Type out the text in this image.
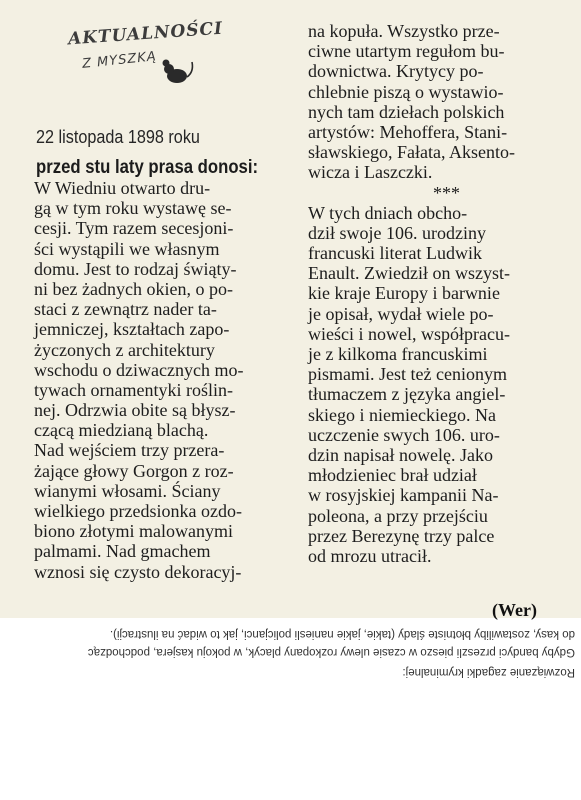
AKTUALNOŚCI
Z MYSZKĄ
22 listopada 1898 roku
przed stu laty prasa donosi:
W Wiedniu otwarto dru-
gą w tym roku wystawę se-
cesji. Tym razem secesjoni-
ści wystąpili we własnym
domu. Jest to rodzaj świąty-
ni bez żadnych okien, o po-
staci z zewnątrz nader ta-
jemniczej, kształtach zapo-
życzonych z architektury
wschodu o dziwacznych mo-
tywach ornamentyki roślin-
nej. Odrzwia obite są błysz-
czącą miedzianą blachą.
Nad wejściem trzy przera-
żające głowy Gorgon z roz-
wianymi włosami. Ściany
wielkiego przedsionka ozdo-
biono złotymi malowanymi
palmami. Nad gmachem
wznosi się czysto dekoracyj-
na kopuła. Wszystko prze-
ciwne utartym regułom bu-
downictwa. Krytycy po-
chlebnie piszą o wystawio-
nych tam dziełach polskich
artystów: Mehoffera, Stani-
sławskiego, Fałata, Aksento-
wicza i Laszczki.
***
W tych dniach obcho-
dził swoje 106. urodziny
francuski literat Ludwik
Enault. Zwiedził on wszyst-
kie kraje Europy i barwnie
je opisał, wydał wiele po-
wieści i nowel, współpracu-
je z kilkoma francuskimi
pismami. Jest też cenionym
tłumaczem z języka angiel-
skiego i niemieckiego. Na
uczczenie swych 106. uro-
dzin napisał nowelę. Jako
młodzieniec brał udział
w rosyjskiej kampanii Na-
poleona, a przy przejściu
przez Berezynę trzy palce
od mrozu utracił.
(Wer)
Rozwiązanie zagadki kryminalnej:
Gdyby bandyci przeszli pieszo w czasie ulewy rozkopany placyk, w pokoju kasjera, podchodząc
do kasy, zostawiliby błotniste ślady (takie, jakie naniesli policjanci, jak to widać na ilustracji).
